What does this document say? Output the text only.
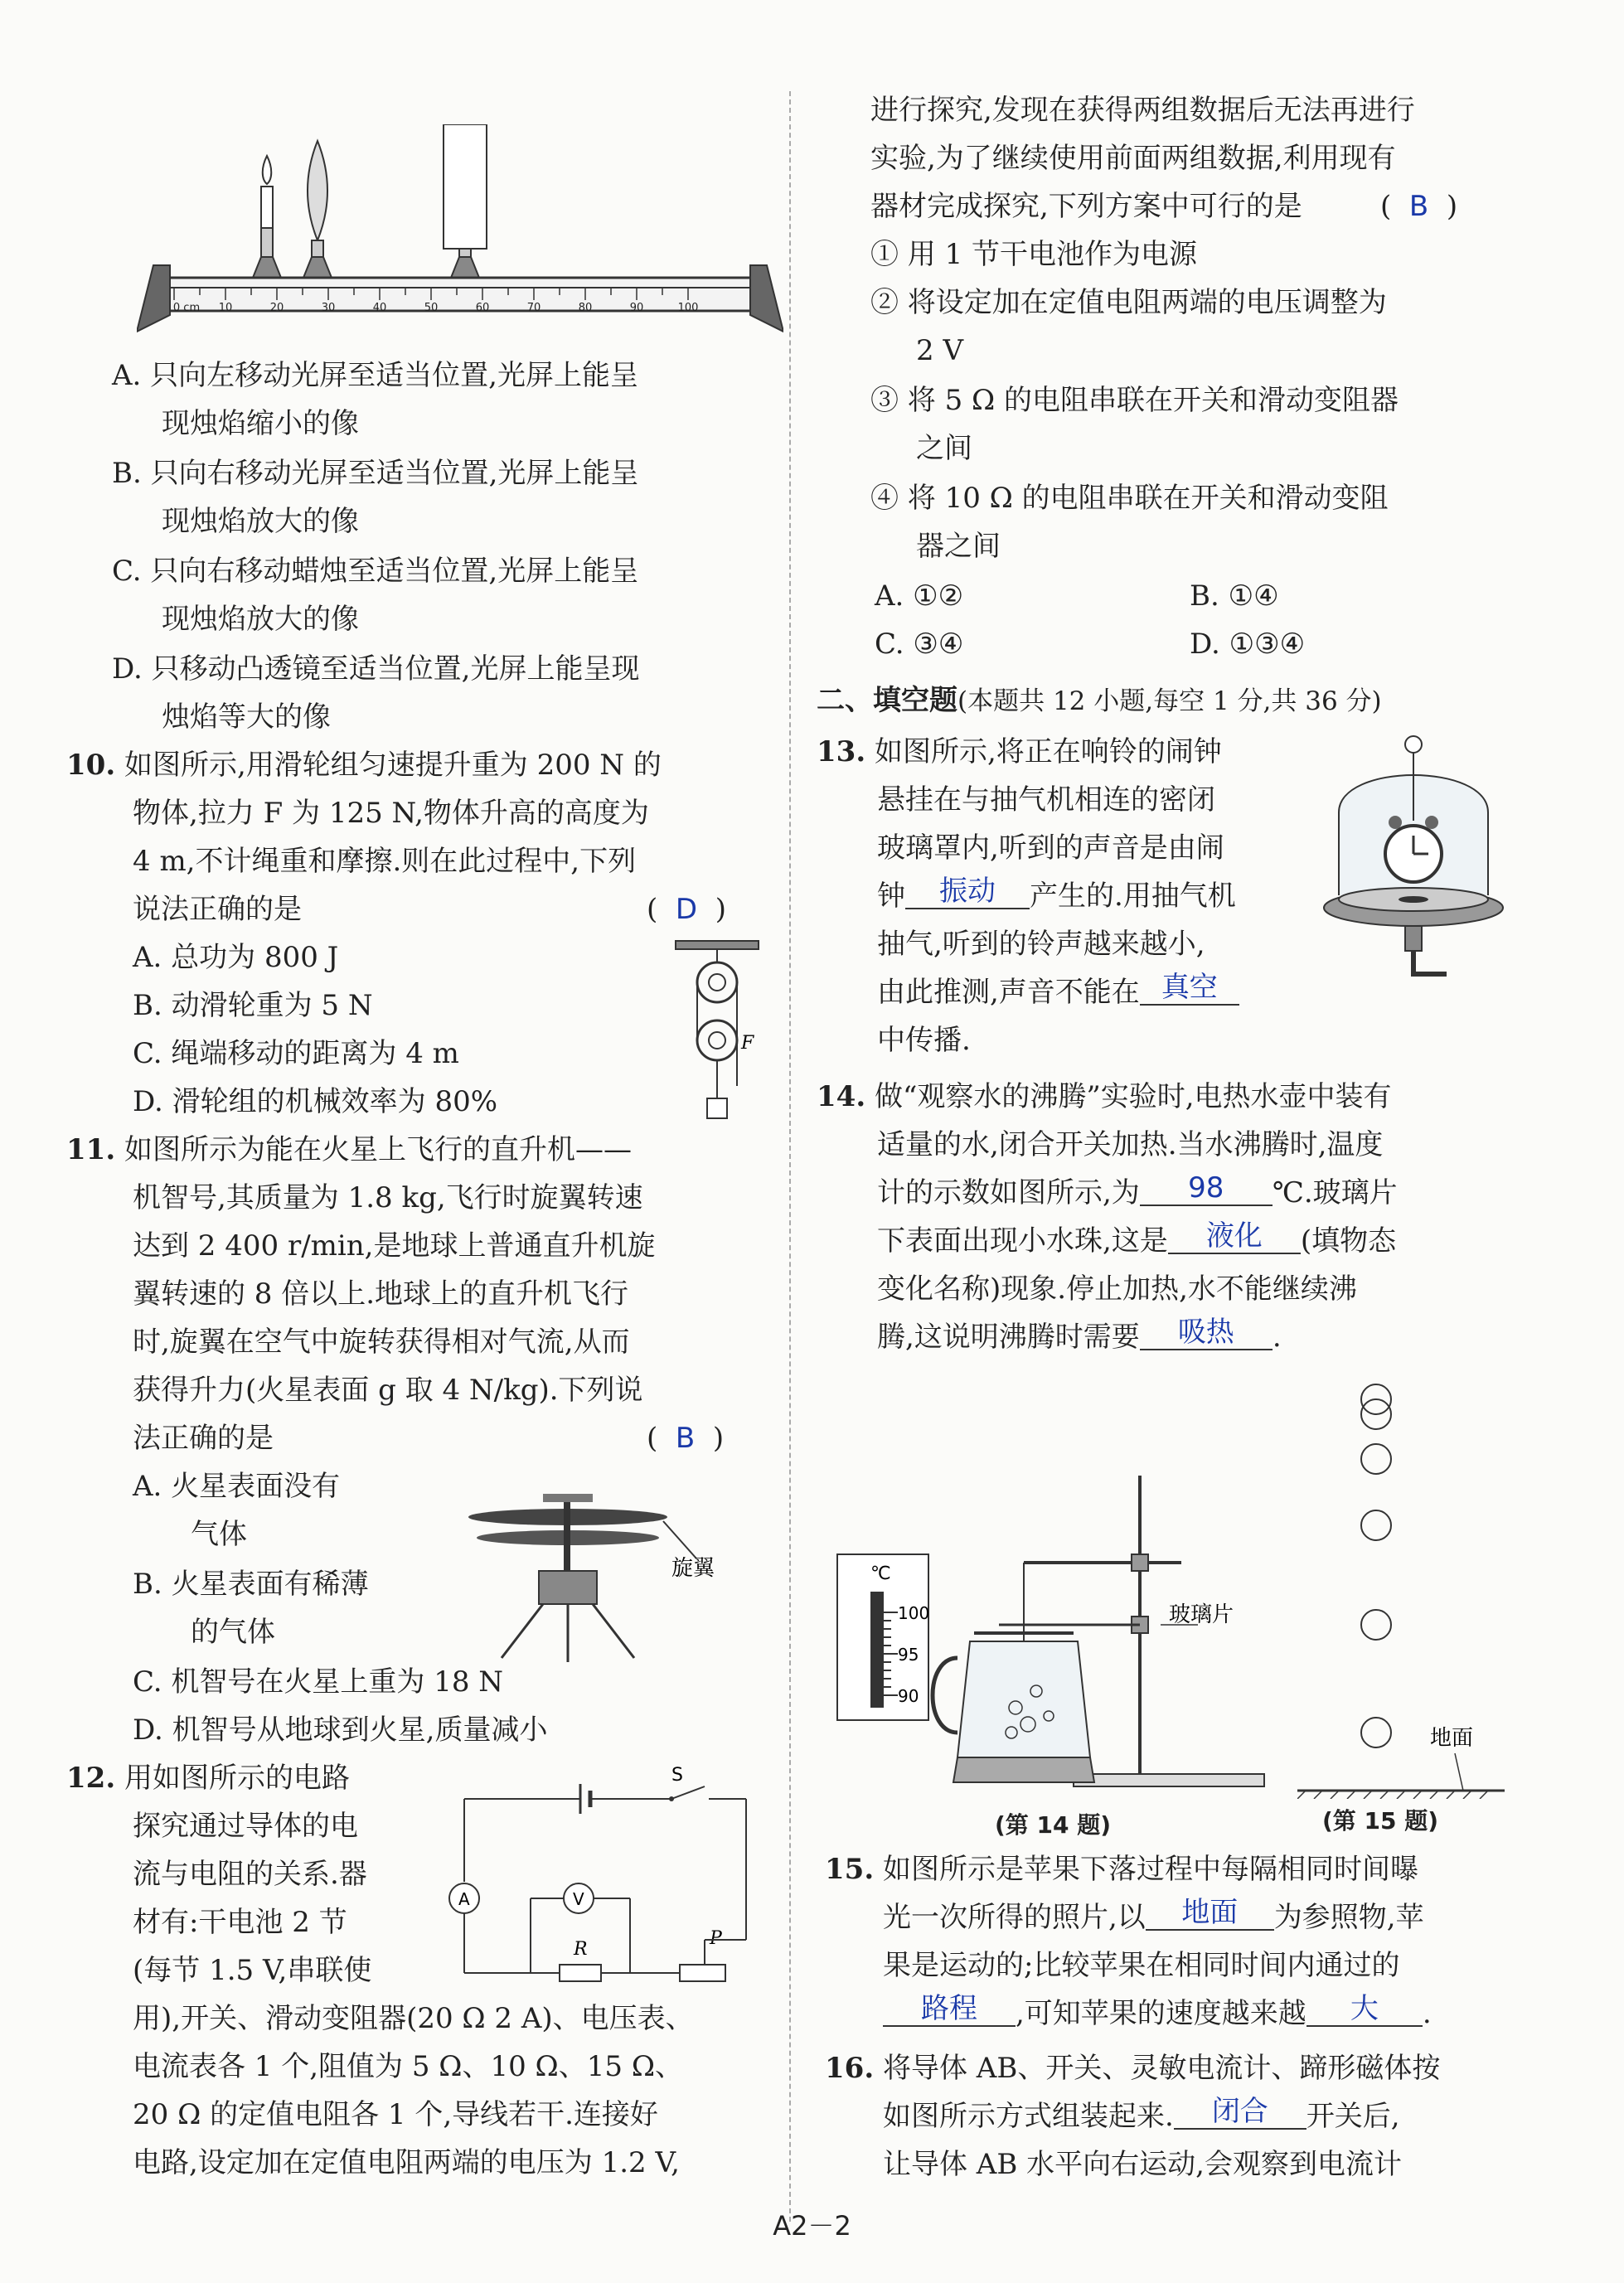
0 cm 10	20	30	40	50	60	70	80	90	100
A. 只向左移动光屏至适当位置,光屏上能呈
现烛焰缩小的像
B. 只向右移动光屏至适当位置,光屏上能呈
现烛焰放大的像
C. 只向右移动蜡烛至适当位置,光屏上能呈
现烛焰放大的像
D. 只移动凸透镜至适当位置,光屏上能呈现
烛焰等大的像
10. 如图所示,用滑轮组匀速提升重为 200 N 的
物体,拉力 F 为 125 N,物体升高的高度为
4 m,不计绳重和摩擦.则在此过程中,下列
说法正确的是	(  D  )
A. 总功为 800 J
B. 动滑轮重为 5 N
C. 绳端移动的距离为 4 m
D. 滑轮组的机械效率为 80%
F
11. 如图所示为能在火星上飞行的直升机——
机智号,其质量为 1.8 kg,飞行时旋翼转速
达到 2 400 r/min,是地球上普通直升机旋
翼转速的 8 倍以上.地球上的直升机飞行
时,旋翼在空气中旋转获得相对气流,从而
获得升力(火星表面 g 取 4 N/kg).下列说
法正确的是	(  B  )
A. 火星表面没有
气体
B. 火星表面有稀薄
的气体
C. 机智号在火星上重为 18 N
D. 机智号从地球到火星,质量减小
旋翼
12. 用如图所示的电路
探究通过导体的电
流与电阻的关系.器
材有:干电池 2 节
(每节 1.5 V,串联使
用),开关、滑动变阻器(20 Ω 2 A)、电压表、
电流表各 1 个,阻值为 5 Ω、10 Ω、15 Ω、
20 Ω 的定值电阻各 1 个,导线若干.连接好
电路,设定加在定值电阻两端的电压为 1.2 V,
S
A
R
P
V
进行探究,发现在获得两组数据后无法再进行
实验,为了继续使用前面两组数据,利用现有
器材完成探究,下列方案中可行的是	(  B  )
① 用 1 节干电池作为电源
② 将设定加在定值电阻两端的电压调整为
2 V
③ 将 5 Ω 的电阻串联在开关和滑动变阻器
之间
④ 将 10 Ω 的电阻串联在开关和滑动变阻
器之间
A. ①②	B. ①④
C. ③④	D. ①③④
二、填空题(本题共 12 小题,每空 1 分,共 36 分)
13. 如图所示,将正在响铃的闹钟
悬挂在与抽气机相连的密闭
玻璃罩内,听到的声音是由闹
钟 振动 产生的.用抽气机
抽气,听到的铃声越来越小,
由此推测,声音不能在 真空
中传播.
14. 做“观察水的沸腾”实验时,电热水壶中装有
适量的水,闭合开关加热.当水沸腾时,温度
计的示数如图所示,为 98 ℃.玻璃片
下表面出现小水珠,这是 液化 (填物态
变化名称)现象.停止加热,水不能继续沸
腾,这说明沸腾时需要 吸热 .
℃
100
95
90
玻璃片
(第 14 题)
地面
(第 15 题)
15. 如图所示是苹果下落过程中每隔相同时间曝
光一次所得的照片,以 地面 为参照物,苹
果是运动的;比较苹果在相同时间内通过的
路程 ,可知苹果的速度越来越 大 .
16. 将导体 AB、开关、灵敏电流计、蹄形磁体按
如图所示方式组装起来. 闭合 开关后,
让导体 AB 水平向右运动,会观察到电流计
A2－2
